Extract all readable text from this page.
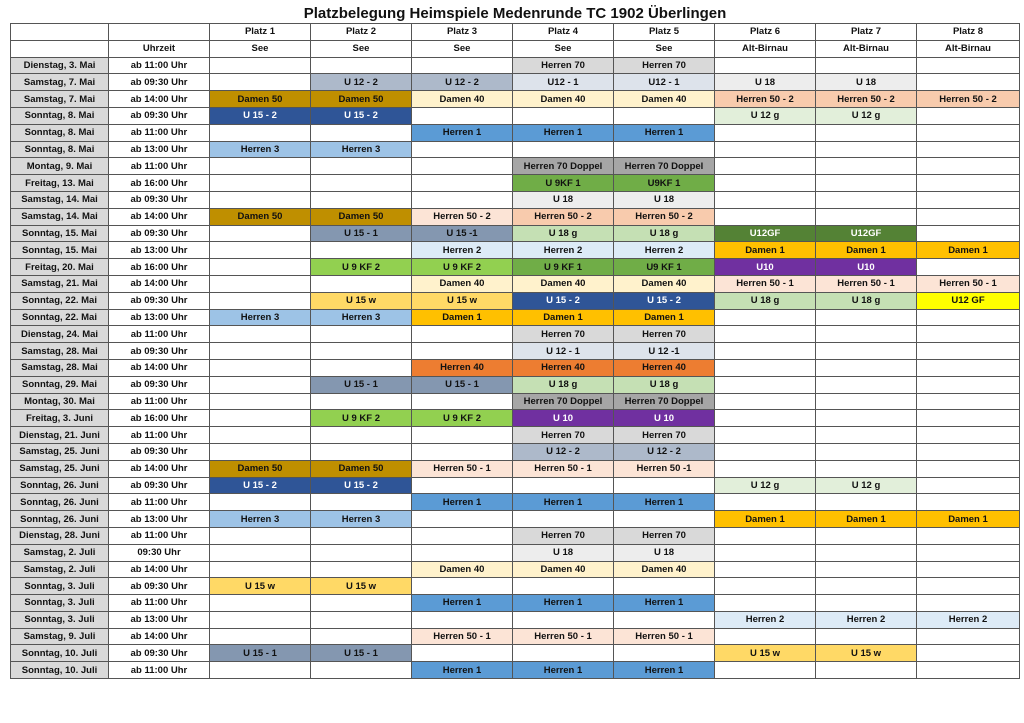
Platzbelegung Heimspiele Medenrunde TC 1902 Überlingen
		Platz 1	Platz 2	Platz 3	Platz 4	Platz 5	Platz 6	Platz 7	Platz 8
	Uhrzeit	See	See	See	See	See	Alt-Birnau	Alt-Birnau	Alt-Birnau
Dienstag, 3. Mai	ab 11:00 Uhr				Herren 70	Herren 70			
Samstag, 7. Mai	ab 09:30 Uhr		U 12 - 2	U 12 - 2	U12 - 1	U12 - 1	U 18	U 18	
Samstag, 7. Mai	ab 14:00 Uhr	Damen 50	Damen 50	Damen 40	Damen 40	Damen 40	Herren 50 - 2	Herren 50 - 2	Herren 50 - 2
Sonntag, 8. Mai	ab 09:30 Uhr	U 15 - 2	U 15 - 2				U 12 g	U 12 g	
Sonntag, 8. Mai	ab 11:00 Uhr			Herren 1	Herren 1	Herren 1			
Sonntag, 8. Mai	ab 13:00 Uhr	Herren 3	Herren 3						
Montag, 9. Mai	ab 11:00 Uhr				Herren 70 Doppel	Herren 70 Doppel			
Freitag, 13. Mai	ab 16:00 Uhr				U 9KF 1	U9KF 1			
Samstag, 14. Mai	ab 09:30 Uhr				U 18	U 18			
Samstag, 14. Mai	ab 14:00 Uhr	Damen 50	Damen 50	Herren 50 - 2	Herren 50 - 2	Herren 50 - 2			
Sonntag, 15. Mai	ab 09:30 Uhr		U 15 - 1	U 15 -1	U 18 g	U 18 g	U12GF	U12GF	
Sonntag, 15. Mai	ab 13:00 Uhr			Herren 2	Herren 2	Herren 2	Damen 1	Damen 1	Damen 1
Freitag, 20. Mai	ab 16:00 Uhr		U 9 KF 2	U 9 KF 2	U 9 KF 1	U9 KF 1	U10	U10	
Samstag, 21. Mai	ab 14:00 Uhr			Damen 40	Damen 40	Damen 40	Herren 50 - 1	Herren 50 - 1	Herren 50 - 1
Sonntag, 22. Mai	ab 09:30 Uhr		U 15 w	U 15 w	U 15 - 2	U 15 - 2	U 18 g	U 18 g	U12 GF
Sonntag, 22. Mai	ab 13:00 Uhr	Herren 3	Herren 3	Damen 1	Damen 1	Damen 1			
Dienstag, 24. Mai	ab 11:00 Uhr				Herren 70	Herren 70			
Samstag, 28. Mai	ab 09:30 Uhr				U 12 - 1	U 12 -1			
Samstag, 28. Mai	ab 14:00 Uhr			Herren 40	Herren 40	Herren 40			
Sonntag, 29. Mai	ab 09:30 Uhr		U 15 - 1	U 15 - 1	U 18 g	U 18 g			
Montag, 30. Mai	ab 11:00 Uhr				Herren 70 Doppel	Herren 70 Doppel			
Freitag, 3. Juni	ab 16:00 Uhr		U 9 KF 2	U 9 KF 2	U 10	U 10			
Dienstag, 21. Juni	ab 11:00 Uhr				Herren 70	Herren 70			
Samstag, 25. Juni	ab 09:30 Uhr				U 12 - 2	U 12 - 2			
Samstag, 25. Juni	ab 14:00 Uhr	Damen 50	Damen 50	Herren 50 - 1	Herren 50 - 1	Herren 50 -1			
Sonntag, 26. Juni	ab 09:30 Uhr	U 15 - 2	U 15 - 2				U 12 g	U 12 g	
Sonntag, 26. Juni	ab 11:00 Uhr			Herren 1	Herren 1	Herren 1			
Sonntag, 26. Juni	ab 13:00 Uhr	Herren 3	Herren 3				Damen 1	Damen 1	Damen 1
Dienstag, 28. Juni	ab 11:00 Uhr				Herren 70	Herren 70			
Samstag, 2. Juli	09:30 Uhr				U 18	U 18			
Samstag, 2. Juli	ab 14:00 Uhr			Damen 40	Damen 40	Damen 40			
Sonntag, 3. Juli	ab 09:30 Uhr	U 15 w	U 15 w						
Sonntag, 3. Juli	ab 11:00 Uhr			Herren 1	Herren 1	Herren 1			
Sonntag, 3. Juli	ab 13:00 Uhr						Herren 2	Herren 2	Herren 2
Samstag, 9. Juli	ab 14:00 Uhr			Herren 50 - 1	Herren 50 - 1	Herren 50 - 1			
Sonntag, 10. Juli	ab 09:30 Uhr	U 15 - 1	U 15 - 1				U 15 w	U 15 w	
Sonntag, 10. Juli	ab 11:00 Uhr			Herren 1	Herren 1	Herren 1			
